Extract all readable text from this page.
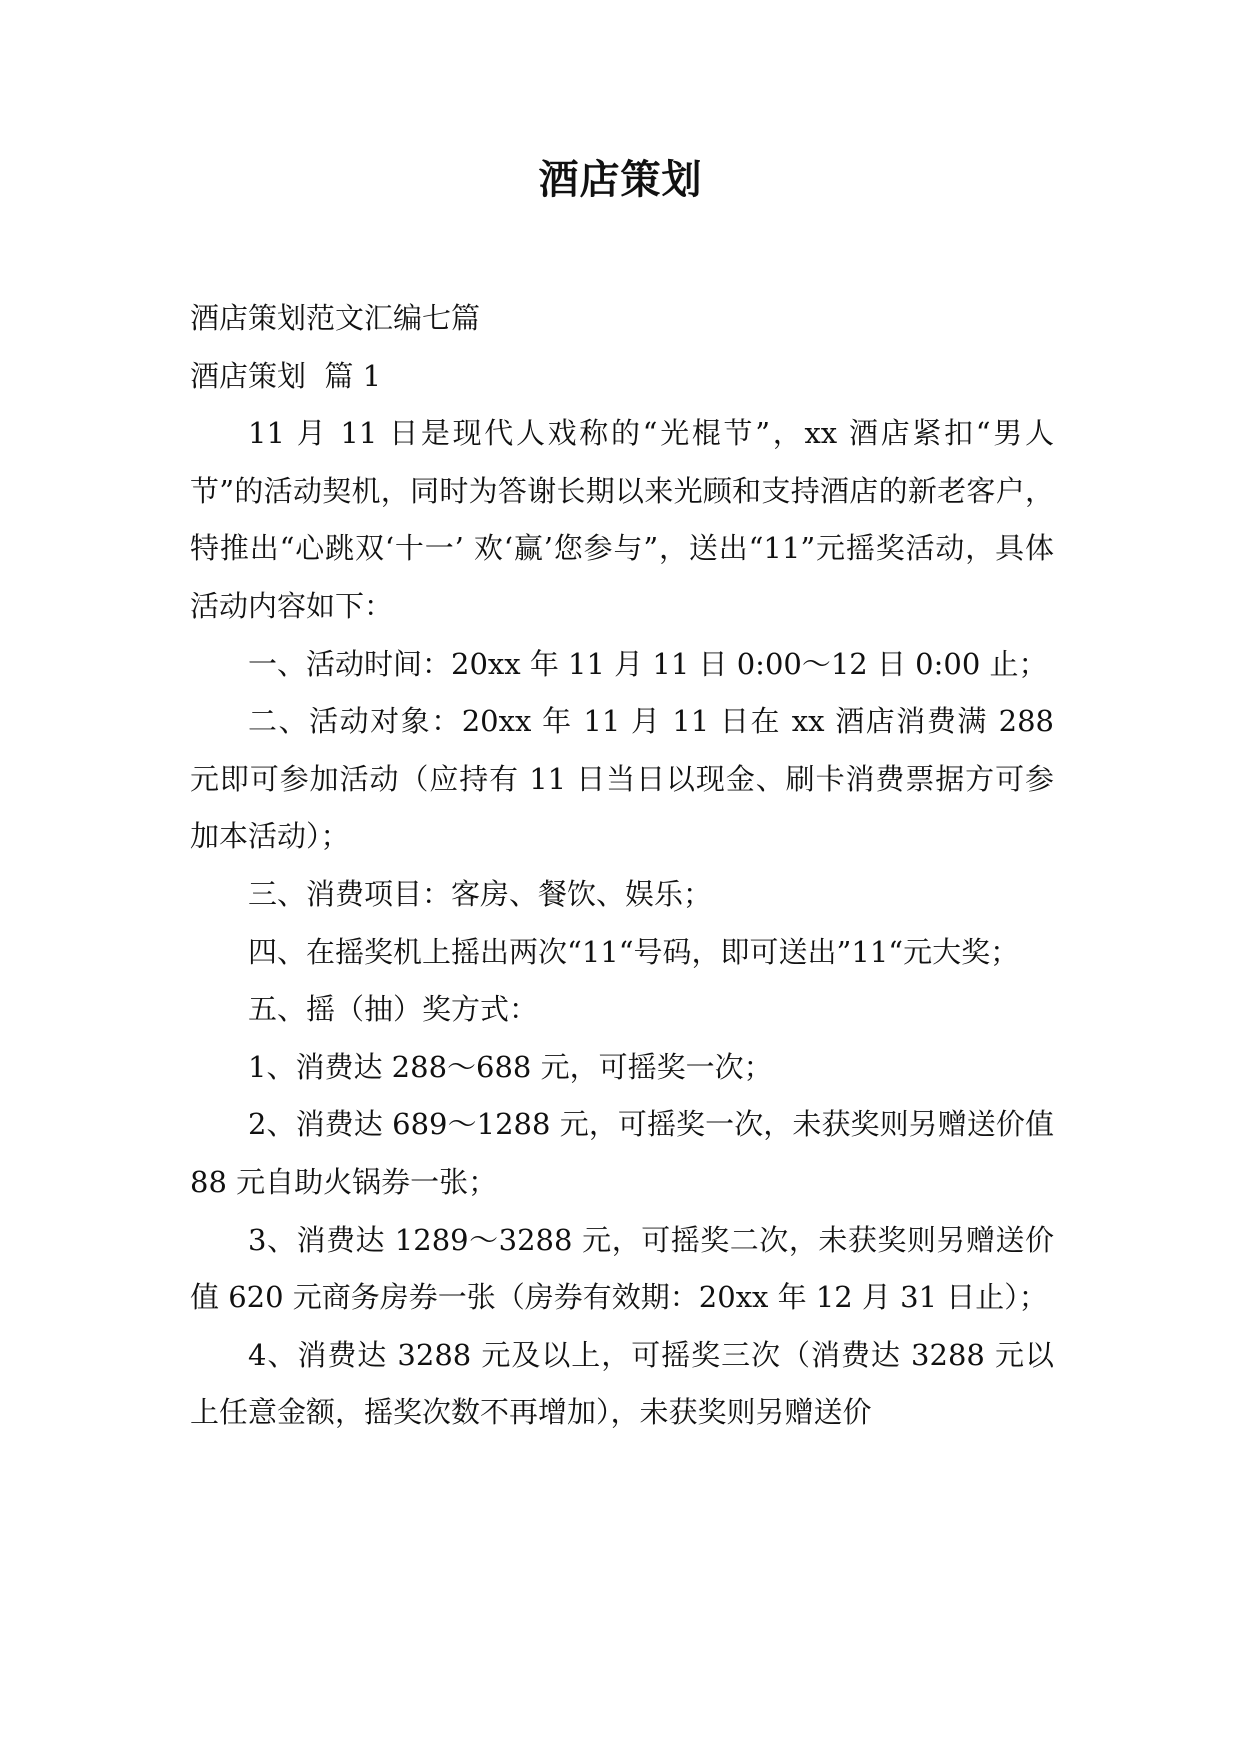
酒店策划

酒店策划范文汇编七篇

酒店策划  篇 1

11 月 11 日是现代人戏称的“光棍节”，xx 酒店紧扣“男人节”的活动契机，同时为答谢长期以来光顾和支持酒店的新老客户，特推出“心跳双‘十一’ 欢‘赢’您参与”，送出“11”元摇奖活动，具体活动内容如下：

一、活动时间：20xx 年 11 月 11 日 0:00～12 日 0:00 止；

二、活动对象：20xx 年 11 月 11 日在 xx 酒店消费满 288 元即可参加活动（应持有 11 日当日以现金、刷卡消费票据方可参加本活动）；

三、消费项目：客房、餐饮、娱乐；

四、在摇奖机上摇出两次“11“号码，即可送出”11“元大奖；

五、摇（抽）奖方式：

1、消费达 288～688 元，可摇奖一次；

2、消费达 689～1288 元，可摇奖一次，未获奖则另赠送价值 88 元自助火锅券一张；

3、消费达 1289～3288 元，可摇奖二次，未获奖则另赠送价值 620 元商务房券一张（房券有效期：20xx 年 12 月 31 日止）；

4、消费达 3288 元及以上，可摇奖三次（消费达 3288 元以上任意金额，摇奖次数不再增加），未获奖则另赠送价
